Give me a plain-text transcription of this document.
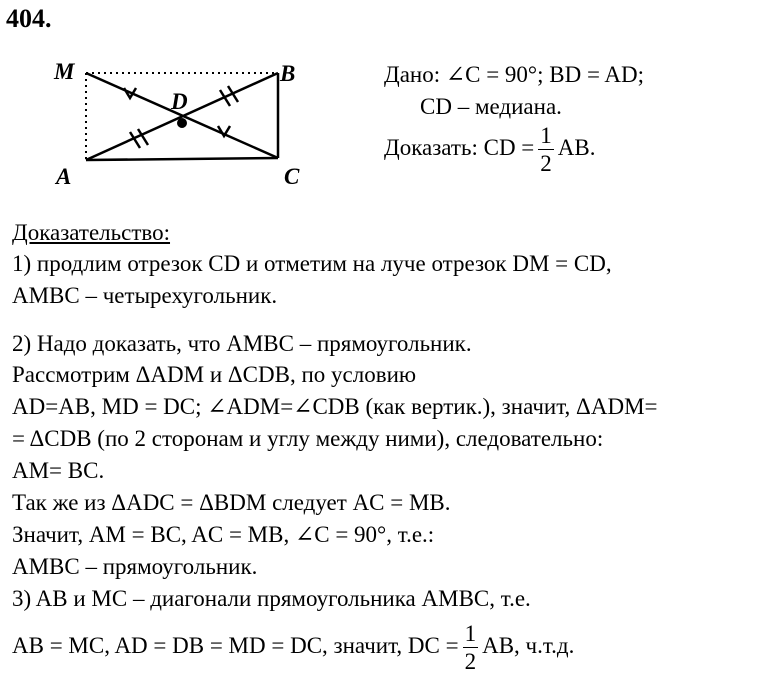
404.
M	B
D
A	C
Дано: ∠C = 90°; BD = AD;
CD – медиана.
Доказать: CD = $\frac{1}{2}$ AB.
Доказательство:
1) продлим отрезок CD и отметим на луче отрезок DM = CD,
AMBC – четырехугольник.
2) Надо доказать, что AMBC – прямоугольник.
Рассмотрим ΔADM и ΔCDB, по условию
AD=AB, MD = DC; ∠ADM=∠CDB (как вертик.), значит, ΔADM=
= ΔCDB (по 2 сторонам и углу между ними), следовательно:
AM= BC.
Так же из ΔADC = ΔBDM следует AC = MB.
Значит, AM = BC, AC = MB, ∠C = 90°, т.е.:
AMBC – прямоугольник.
3) AB и MC – диагонали прямоугольника AMBC, т.е.
AB = MC, AD = DB = MD = DC, значит, DC = $\frac{1}{2}$ AB, ч.т.д.
